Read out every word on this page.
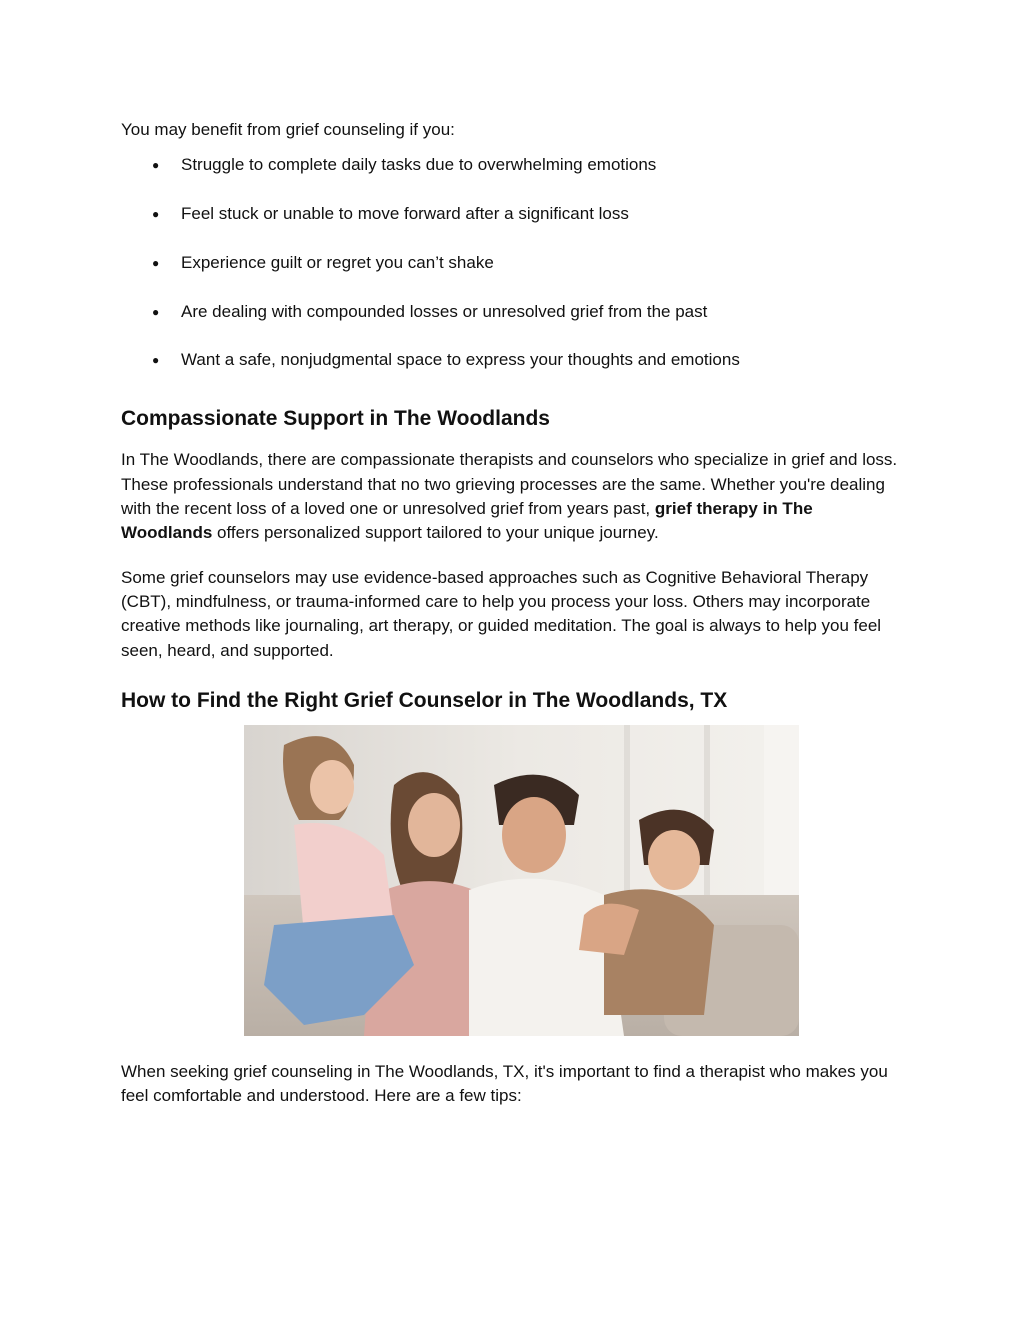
You may benefit from grief counseling if you:

● Struggle to complete daily tasks due to overwhelming emotions
● Feel stuck or unable to move forward after a significant loss
● Experience guilt or regret you can’t shake
● Are dealing with compounded losses or unresolved grief from the past
● Want a safe, nonjudgmental space to express your thoughts and emotions
Compassionate Support in The Woodlands

In The Woodlands, there are compassionate therapists and counselors who specialize in grief and loss. These professionals understand that no two grieving processes are the same. Whether you're dealing with the recent loss of a loved one or unresolved grief from years past, grief therapy in The Woodlands offers personalized support tailored to your unique journey.

Some grief counselors may use evidence-based approaches such as Cognitive Behavioral Therapy (CBT), mindfulness, or trauma-informed care to help you process your loss. Others may incorporate creative methods like journaling, art therapy, or guided meditation. The goal is always to help you feel seen, heard, and supported.

How to Find the Right Grief Counselor in The Woodlands, TX

When seeking grief counseling in The Woodlands, TX, it's important to find a therapist who makes you feel comfortable and understood. Here are a few tips:
